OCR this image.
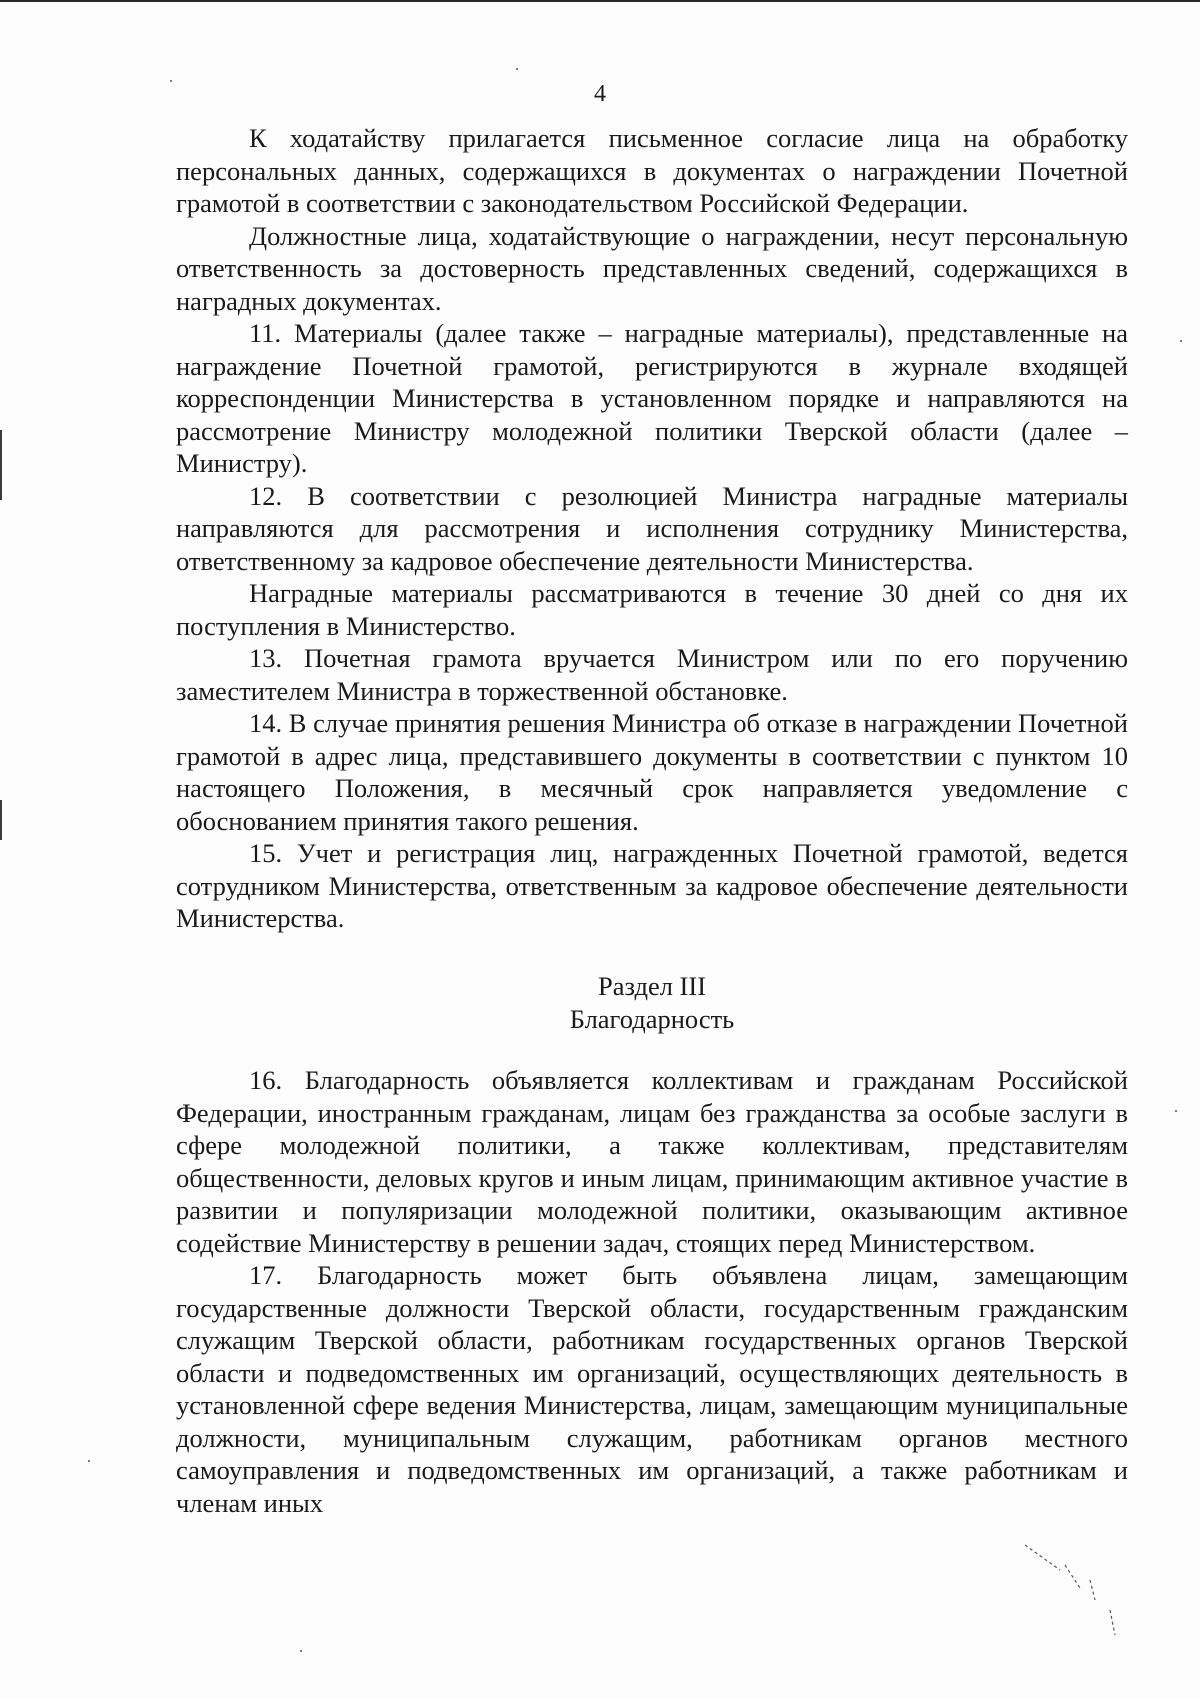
4

К ходатайству прилагается письменное согласие лица на обработку персональных данных, содержащихся в документах о награждении Почетной грамотой в соответствии с законодательством Российской Федерации.

Должностные лица, ходатайствующие о награждении, несут персональную ответственность за достоверность представленных сведений, содержащихся в наградных документах.

11. Материалы (далее также – наградные материалы), представленные на награждение Почетной грамотой, регистрируются в журнале входящей корреспонденции Министерства в установленном порядке и направляются на рассмотрение Министру молодежной политики Тверской области (далее – Министру).

12. В соответствии с резолюцией Министра наградные материалы направляются для рассмотрения и исполнения сотруднику Министерства, ответственному за кадровое обеспечение деятельности Министерства.

Наградные материалы рассматриваются в течение 30 дней со дня их поступления в Министерство.

13. Почетная грамота вручается Министром или по его поручению заместителем Министра в торжественной обстановке.

14. В случае принятия решения Министра об отказе в награждении Почетной грамотой в адрес лица, представившего документы в соответствии с пунктом 10 настоящего Положения, в месячный срок направляется уведомление с обоснованием принятия такого решения.

15. Учет и регистрация лиц, награжденных Почетной грамотой, ведется сотрудником Министерства, ответственным за кадровое обеспечение деятельности Министерства.

Раздел III
Благодарность

16. Благодарность объявляется коллективам и гражданам Российской Федерации, иностранным гражданам, лицам без гражданства за особые заслуги в сфере молодежной политики, а также коллективам, представителям общественности, деловых кругов и иным лицам, принимающим активное участие в развитии и популяризации молодежной политики, оказывающим активное содействие Министерству в решении задач, стоящих перед Министерством.

17. Благодарность может быть объявлена лицам, замещающим государственные должности Тверской области, государственным гражданским служащим Тверской области, работникам государственных органов Тверской области и подведомственных им организаций, осуществляющих деятельность в установленной сфере ведения Министерства, лицам, замещающим муниципальные должности, муниципальным служащим, работникам органов местного самоуправления и подведомственных им организаций, а также работникам и членам иных
